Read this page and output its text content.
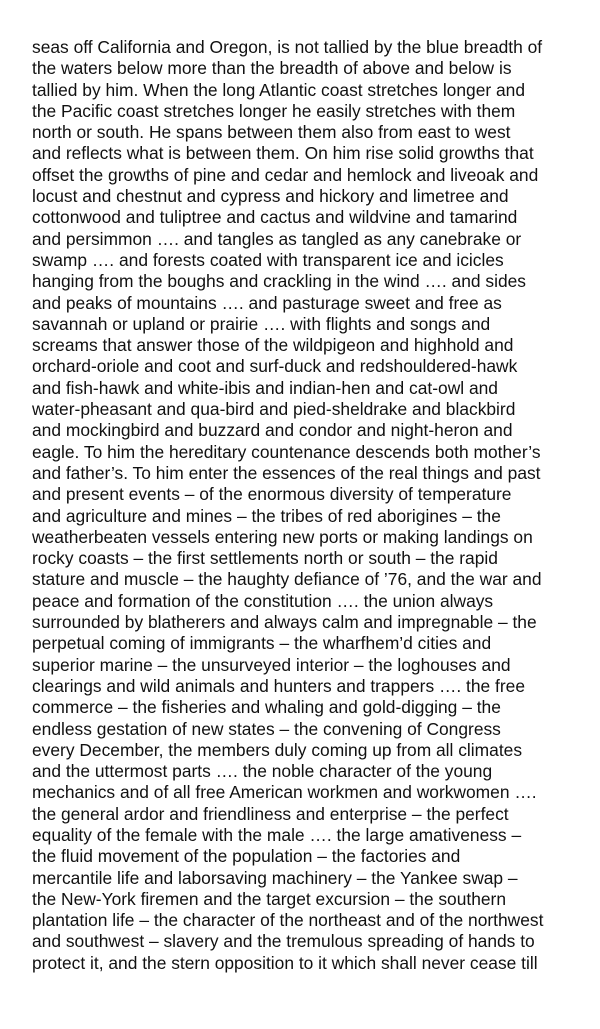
seas off California and Oregon, is not tallied by the blue breadth of
the waters below more than the breadth of above and below is
tallied by him. When the long Atlantic coast stretches longer and
the Pacific coast stretches longer he easily stretches with them
north or south. He spans between them also from east to west
and reflects what is between them. On him rise solid growths that
offset the growths of pine and cedar and hemlock and liveoak and
locust and chestnut and cypress and hickory and limetree and
cottonwood and tuliptree and cactus and wildvine and tamarind
and persimmon …. and tangles as tangled as any canebrake or
swamp …. and forests coated with transparent ice and icicles
hanging from the boughs and crackling in the wind …. and sides
and peaks of mountains …. and pasturage sweet and free as
savannah or upland or prairie …. with flights and songs and
screams that answer those of the wildpigeon and highhold and
orchard-oriole and coot and surf-duck and redshouldered-hawk
and fish-hawk and white-ibis and indian-hen and cat-owl and
water-pheasant and qua-bird and pied-sheldrake and blackbird
and mockingbird and buzzard and condor and night-heron and
eagle. To him the hereditary countenance descends both mother’s
and father’s. To him enter the essences of the real things and past
and present events – of the enormous diversity of temperature
and agriculture and mines – the tribes of red aborigines – the
weatherbeaten vessels entering new ports or making landings on
rocky coasts – the first settlements north or south – the rapid
stature and muscle – the haughty defiance of ’76, and the war and
peace and formation of the constitution …. the union always
surrounded by blatherers and always calm and impregnable – the
perpetual coming of immigrants – the wharfhem’d cities and
superior marine – the unsurveyed interior – the loghouses and
clearings and wild animals and hunters and trappers …. the free
commerce – the fisheries and whaling and gold-digging – the
endless gestation of new states – the convening of Congress
every December, the members duly coming up from all climates
and the uttermost parts …. the noble character of the young
mechanics and of all free American workmen and workwomen ….
the general ardor and friendliness and enterprise – the perfect
equality of the female with the male …. the large amativeness –
the fluid movement of the population – the factories and
mercantile life and laborsaving machinery – the Yankee swap –
the New-York firemen and the target excursion – the southern
plantation life – the character of the northeast and of the northwest
and southwest – slavery and the tremulous spreading of hands to
protect it, and the stern opposition to it which shall never cease till
